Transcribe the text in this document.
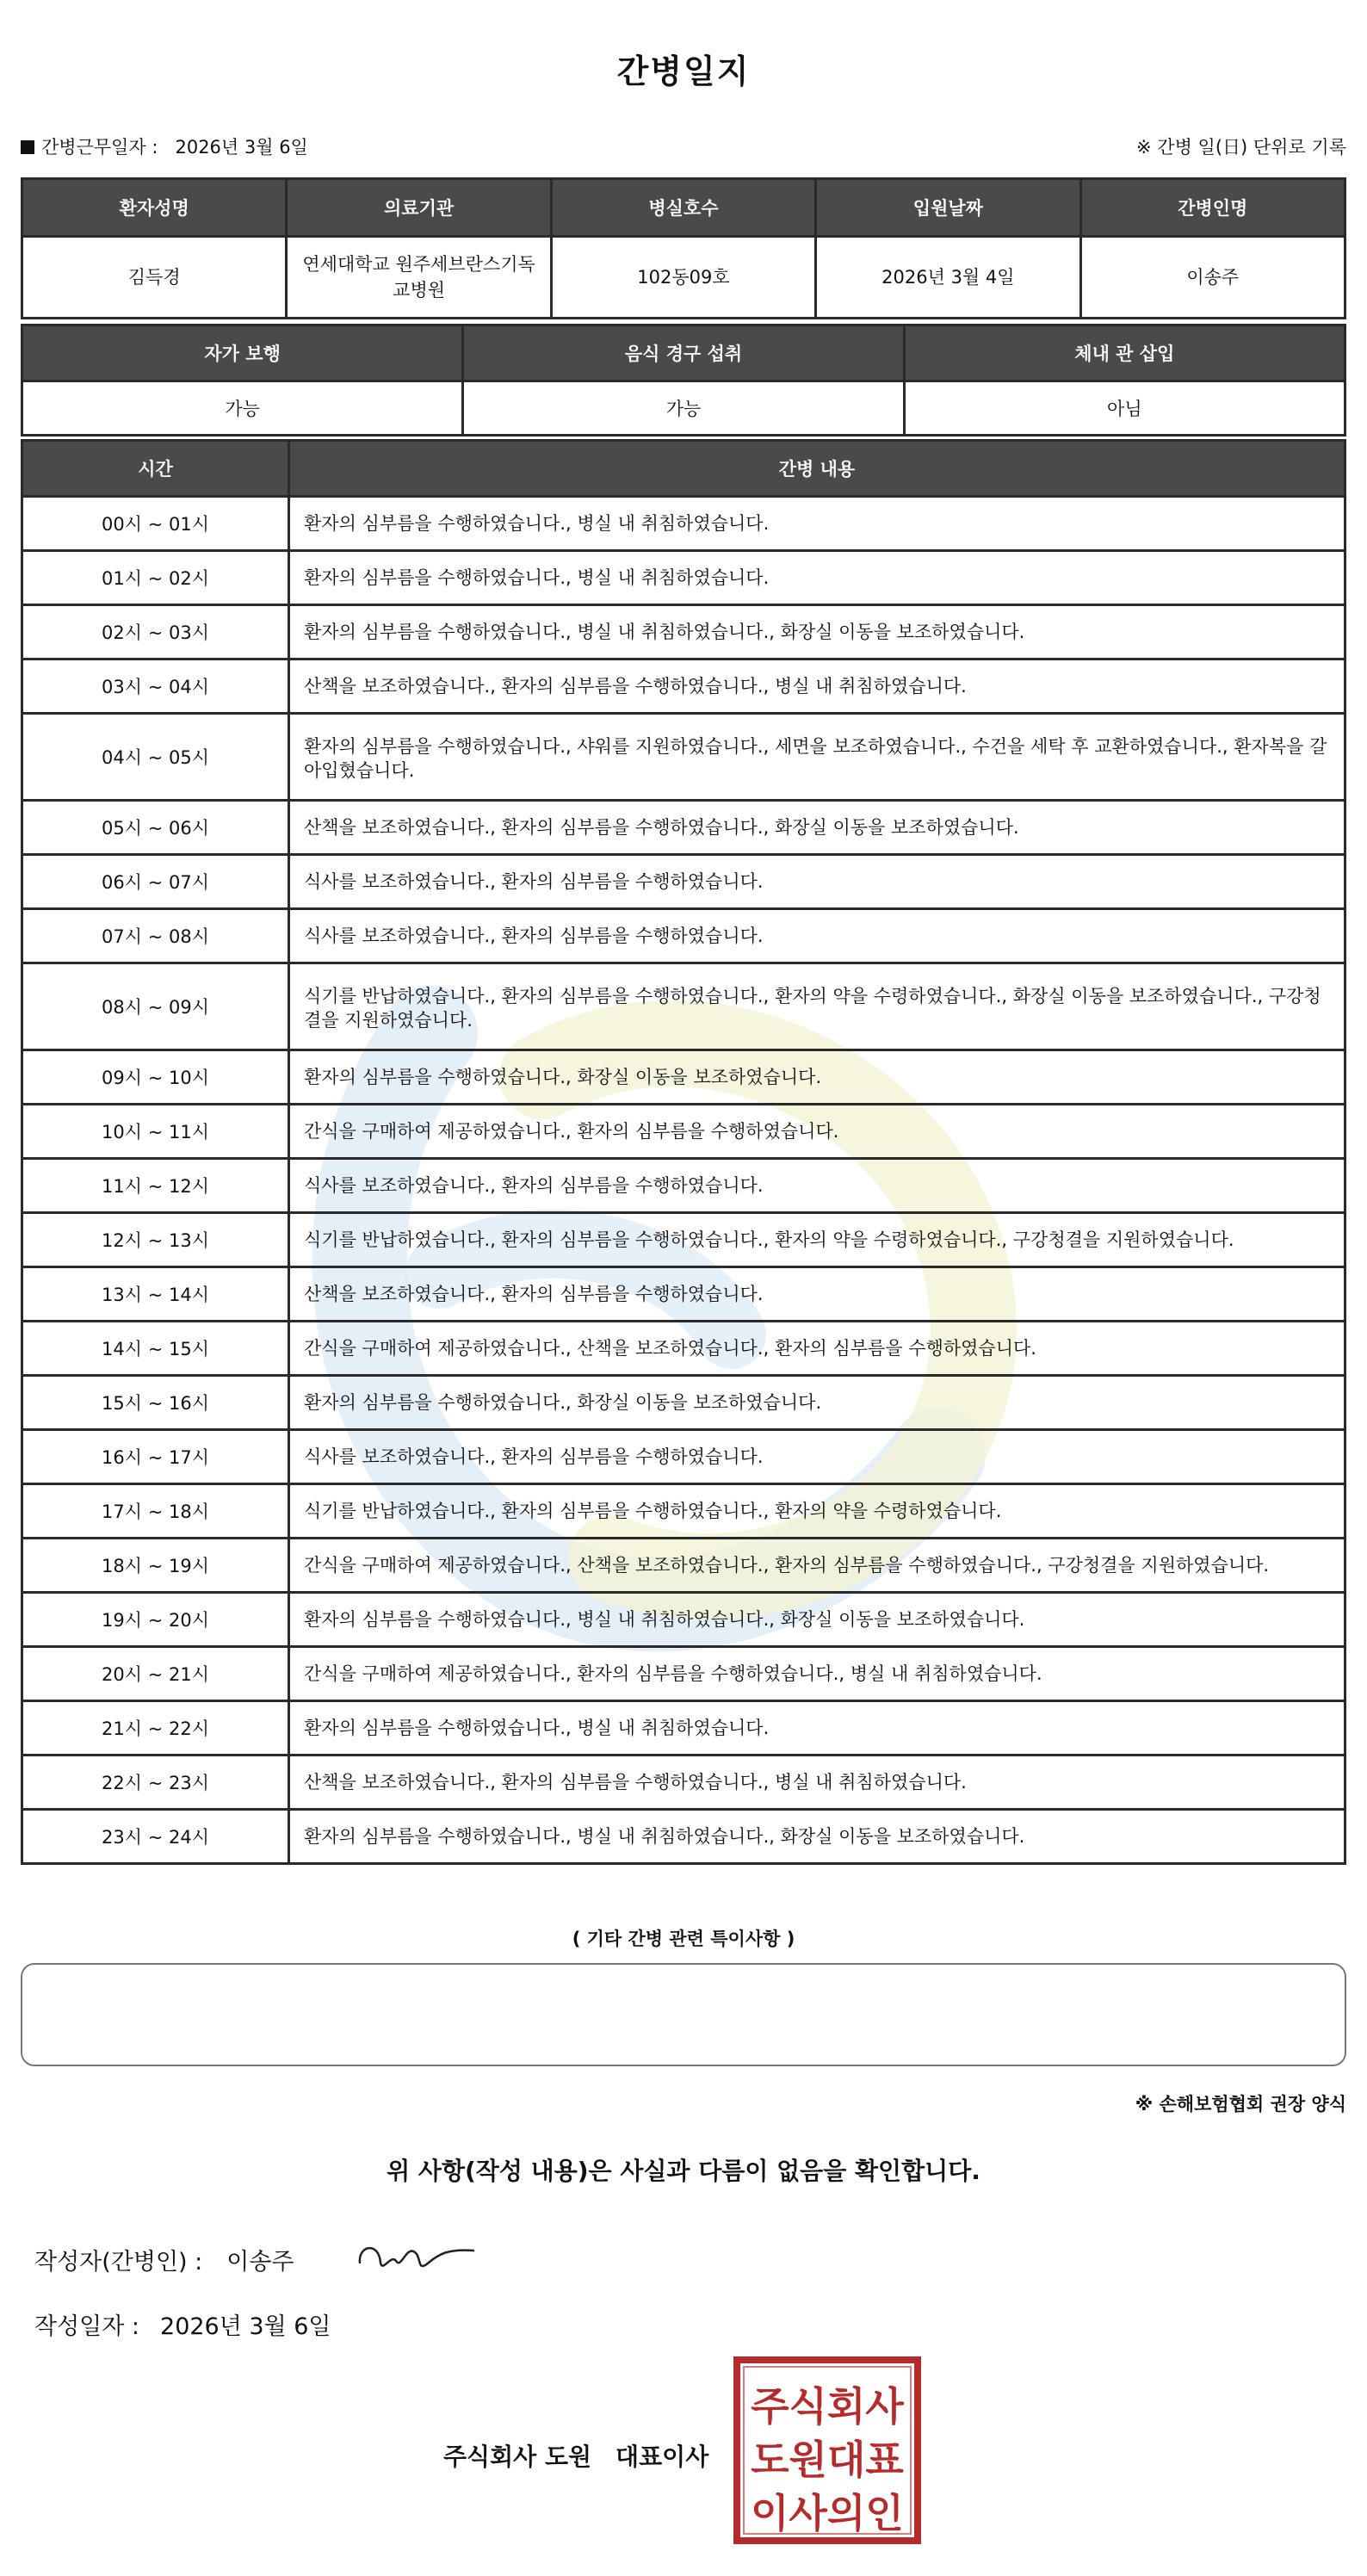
간병일지
간병근무일자 : 2026년 3월 6일	※ 간병 일(日) 단위로 기록
환자성명	의료기관	병실호수	입원날짜	간병인명
김득경	연세대학교 원주세브란스기독교병원	102동09호	2026년 3월 4일	이송주
자가 보행	음식 경구 섭취	체내 관 삽입
가능	가능	아님
시간	간병 내용
00시 ~ 01시	환자의 심부름을 수행하였습니다., 병실 내 취침하였습니다.
01시 ~ 02시	환자의 심부름을 수행하였습니다., 병실 내 취침하였습니다.
02시 ~ 03시	환자의 심부름을 수행하였습니다., 병실 내 취침하였습니다., 화장실 이동을 보조하였습니다.
03시 ~ 04시	산책을 보조하였습니다., 환자의 심부름을 수행하였습니다., 병실 내 취침하였습니다.
04시 ~ 05시	환자의 심부름을 수행하였습니다., 샤워를 지원하였습니다., 세면을 보조하였습니다., 수건을 세탁 후 교환하였습니다., 환자복을 갈아입혔습니다.
05시 ~ 06시	산책을 보조하였습니다., 환자의 심부름을 수행하였습니다., 화장실 이동을 보조하였습니다.
06시 ~ 07시	식사를 보조하였습니다., 환자의 심부름을 수행하였습니다.
07시 ~ 08시	식사를 보조하였습니다., 환자의 심부름을 수행하였습니다.
08시 ~ 09시	식기를 반납하였습니다., 환자의 심부름을 수행하였습니다., 환자의 약을 수령하였습니다., 화장실 이동을 보조하였습니다., 구강청결을 지원하였습니다.
09시 ~ 10시	환자의 심부름을 수행하였습니다., 화장실 이동을 보조하였습니다.
10시 ~ 11시	간식을 구매하여 제공하였습니다., 환자의 심부름을 수행하였습니다.
11시 ~ 12시	식사를 보조하였습니다., 환자의 심부름을 수행하였습니다.
12시 ~ 13시	식기를 반납하였습니다., 환자의 심부름을 수행하였습니다., 환자의 약을 수령하였습니다., 구강청결을 지원하였습니다.
13시 ~ 14시	산책을 보조하였습니다., 환자의 심부름을 수행하였습니다.
14시 ~ 15시	간식을 구매하여 제공하였습니다., 산책을 보조하였습니다., 환자의 심부름을 수행하였습니다.
15시 ~ 16시	환자의 심부름을 수행하였습니다., 화장실 이동을 보조하였습니다.
16시 ~ 17시	식사를 보조하였습니다., 환자의 심부름을 수행하였습니다.
17시 ~ 18시	식기를 반납하였습니다., 환자의 심부름을 수행하였습니다., 환자의 약을 수령하였습니다.
18시 ~ 19시	간식을 구매하여 제공하였습니다., 산책을 보조하였습니다., 환자의 심부름을 수행하였습니다., 구강청결을 지원하였습니다.
19시 ~ 20시	환자의 심부름을 수행하였습니다., 병실 내 취침하였습니다., 화장실 이동을 보조하였습니다.
20시 ~ 21시	간식을 구매하여 제공하였습니다., 환자의 심부름을 수행하였습니다., 병실 내 취침하였습니다.
21시 ~ 22시	환자의 심부름을 수행하였습니다., 병실 내 취침하였습니다.
22시 ~ 23시	산책을 보조하였습니다., 환자의 심부름을 수행하였습니다., 병실 내 취침하였습니다.
23시 ~ 24시	환자의 심부름을 수행하였습니다., 병실 내 취침하였습니다., 화장실 이동을 보조하였습니다.
( 기타 간병 관련 특이사항 )
※ 손해보험협회 권장 양식
위 사항(작성 내용)은 사실과 다름이 없음을 확인합니다.
작성자(간병인) : 이송주
작성일자 : 2026년 3월 6일
주식회사 도원 대표이사
주식회사
도원대표
이사의인
